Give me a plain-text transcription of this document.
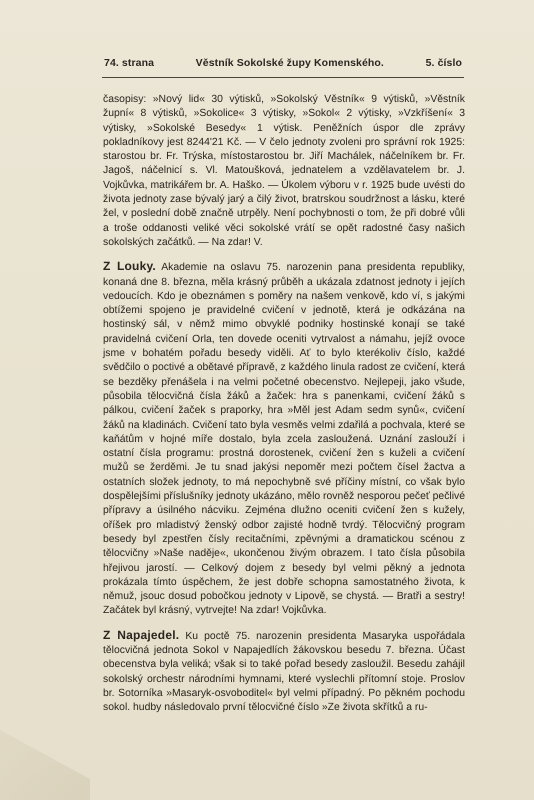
74. strana	Věstník Sokolské župy Komenského.	5. číslo

časopisy: »Nový lid« 30 výtisků, »Sokolský Věstník« 9 výtisků, »Věstník župní« 8 výtisků, »Sokolice« 3 výtisky, »Sokol« 2 výtisky, »Vzkříšení« 3 výtisky, »Sokolské Besedy« 1 výtisk. Peněžních úspor dle zprávy pokladníkovy jest 8244'21 Kč. — V čelo jednoty zvoleni pro správní rok 1925: starostou br. Fr. Trýska, místostarostou br. Jiří Machálek, náčelníkem br. Fr. Jagoš, náčelnicí s. Vl. Matoušková, jednatelem a vzdělavatelem br. J. Vojkůvka, matrikářem br. A. Haško. — Úkolem výboru v r. 1925 bude uvésti do života jednoty zase bývalý jarý a čilý život, bratrskou soudržnost a lásku, které žel, v poslední době značně utrpěly. Není pochybnosti o tom, že při dobré vůli a troše oddanosti veliké věci sokolské vrátí se opět radostné časy našich sokolských začátků. — Na zdar! V.

Z Louky. Akademie na oslavu 75. narozenin pana presidenta republiky, konaná dne 8. března, měla krásný průběh a ukázala zdatnost jednoty i jejích vedoucích. Kdo je obeznámen s poměry na našem venkově, kdo ví, s jakými obtížemi spojeno je pravidelné cvičení v jednotě, která je odkázána na hostinský sál, v němž mimo obvyklé podniky hostinské konají se také pravidelná cvičení Orla, ten dovede oceniti vytrvalost a námahu, jejíž ovoce jsme v bohatém pořadu besedy viděli. Ať to bylo kterékoliv číslo, každé svědčilo o poctivé a obětavé přípravě, z každého linula radost ze cvičení, která se bezděky přenášela i na velmi početné obecenstvo. Nejlepeji, jako všude, působila tělocvičná čísla žáků a žaček: hra s panenkami, cvičení žáků s pálkou, cvičení žaček s praporky, hra »Měl jest Adam sedm synů«, cvičení žáků na kladinách. Cvičení tato byla vesměs velmi zdařilá a pochvala, které se kaňátům v hojné míře dostalo, byla zcela zasloužená. Uznání zaslouží i ostatní čísla programu: prostná dorostenek, cvičení žen s kuželi a cvičení mužů se žerděmi. Je tu snad jakýsi nepoměr mezi počtem čísel žactva a ostatních složek jednoty, to má nepochybně své příčiny místní, co však bylo dospělejšími příslušníky jednoty ukázáno, mělo rovněž nesporou pečeť pečlivé přípravy a úsilného nácviku. Zejména dlužno oceniti cvičení žen s kužely, oříšek pro mladistvý ženský odbor zajisté hodně tvrdý. Tělocvičný program besedy byl zpestřen čísly recitačními, zpěvnými a dramatickou scénou z tělocvičny »Naše naděje«, ukončenou živým obrazem. I tato čísla působila hřejivou jarostí. — Celkový dojem z besedy byl velmi pěkný a jednota prokázala tímto úspěchem, že jest dobře schopna samostatného života, k němuž, jsouc dosud pobočkou jednoty v Lipově, se chystá. — Bratři a sestry! Začátek byl krásný, vytrvejte! Na zdar! Vojkůvka.

Z Napajedel. Ku poctě 75. narozenin presidenta Masaryka uspořádala tělocvičná jednota Sokol v Napajedlích žákovskou besedu 7. března. Účast obecenstva byla veliká; však si to také pořad besedy zasloužil. Besedu zahájil sokolský orchestr národními hymnami, které vyslechli přítomní stoje. Proslov br. Sotorníka »Masaryk-osvoboditel« byl velmi případný. Po pěkném pochodu sokol. hudby následovalo první tělocvičné číslo »Ze života skřítků a ru-
